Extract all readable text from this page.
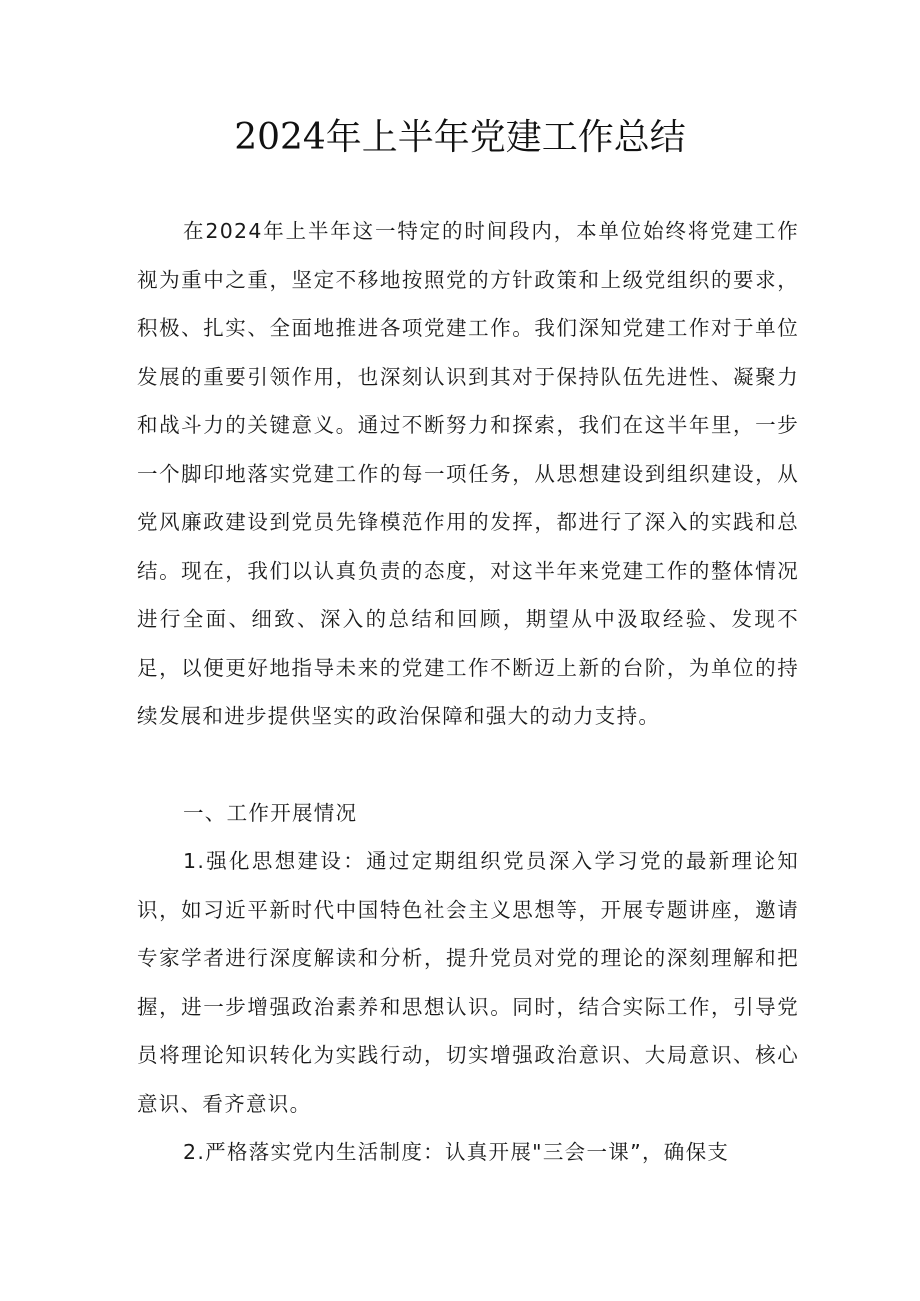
2024年上半年党建工作总结

在2024年上半年这一特定的时间段内，本单位始终将党建工作视为重中之重，坚定不移地按照党的方针政策和上级党组织的要求，积极、扎实、全面地推进各项党建工作。我们深知党建工作对于单位发展的重要引领作用，也深刻认识到其对于保持队伍先进性、凝聚力和战斗力的关键意义。通过不断努力和探索，我们在这半年里，一步一个脚印地落实党建工作的每一项任务，从思想建设到组织建设，从党风廉政建设到党员先锋模范作用的发挥，都进行了深入的实践和总结。现在，我们以认真负责的态度，对这半年来党建工作的整体情况进行全面、细致、深入的总结和回顾，期望从中汲取经验、发现不足，以便更好地指导未来的党建工作不断迈上新的台阶，为单位的持续发展和进步提供坚实的政治保障和强大的动力支持。

一、工作开展情况

1.强化思想建设：通过定期组织党员深入学习党的最新理论知识，如习近平新时代中国特色社会主义思想等，开展专题讲座，邀请专家学者进行深度解读和分析，提升党员对党的理论的深刻理解和把握，进一步增强政治素养和思想认识。同时，结合实际工作，引导党员将理论知识转化为实践行动，切实增强政治意识、大局意识、核心意识、看齐意识。

2.严格落实党内生活制度：认真开展"三会一课”，确保支
